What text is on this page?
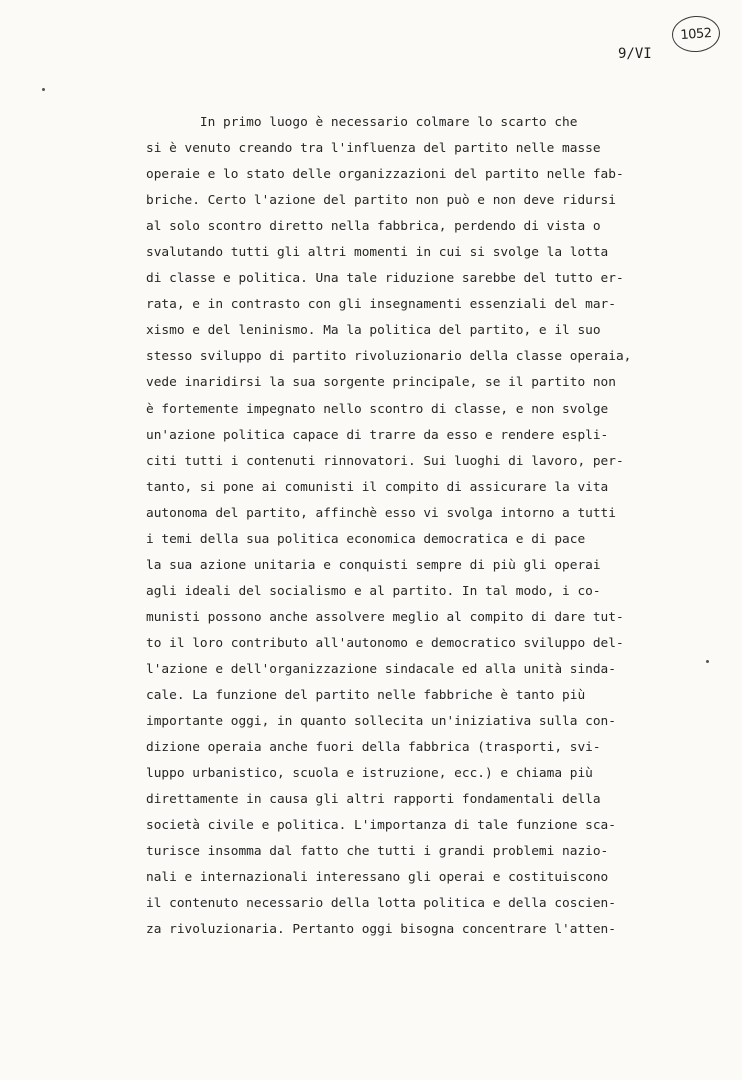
1052
9/VI
In primo luogo è necessario colmare lo scarto che
si è venuto creando tra l'influenza del partito nelle masse
operaie e lo stato delle organizzazioni del partito nelle fab-
briche. Certo l'azione del partito non può e non deve ridursi
al solo scontro diretto nella fabbrica, perdendo di vista o
svalutando tutti gli altri momenti in cui si svolge la lotta
di classe e politica. Una tale riduzione sarebbe del tutto er-
rata, e in contrasto con gli insegnamenti essenziali del mar-
xismo e del leninismo. Ma la politica del partito, e il suo
stesso sviluppo di partito rivoluzionario della classe operaia,
vede inaridirsi la sua sorgente principale, se il partito non
è fortemente impegnato nello scontro di classe, e non svolge
un'azione politica capace di trarre da esso e rendere espli-
citi tutti i contenuti rinnovatori. Sui luoghi di lavoro, per-
tanto, si pone ai comunisti il compito di assicurare la vita
autonoma del partito, affinchè esso vi svolga intorno a tutti
i temi della sua politica economica democratica e di pace
la sua azione unitaria e conquisti sempre di più gli operai
agli ideali del socialismo e al partito. In tal modo, i co-
munisti possono anche assolvere meglio al compito di dare tut-
to il loro contributo all'autonomo e democratico sviluppo del-
l'azione e dell'organizzazione sindacale ed alla unità sinda-
cale. La funzione del partito nelle fabbriche è tanto più
importante oggi, in quanto sollecita un'iniziativa sulla con-
dizione operaia anche fuori della fabbrica (trasporti, svi-
luppo urbanistico, scuola e istruzione, ecc.) e chiama più
direttamente in causa gli altri rapporti fondamentali della
società civile e politica. L'importanza di tale funzione sca-
turisce insomma dal fatto che tutti i grandi problemi nazio-
nali e internazionali interessano gli operai e costituiscono
il contenuto necessario della lotta politica e della coscien-
za rivoluzionaria. Pertanto oggi bisogna concentrare l'atten-
